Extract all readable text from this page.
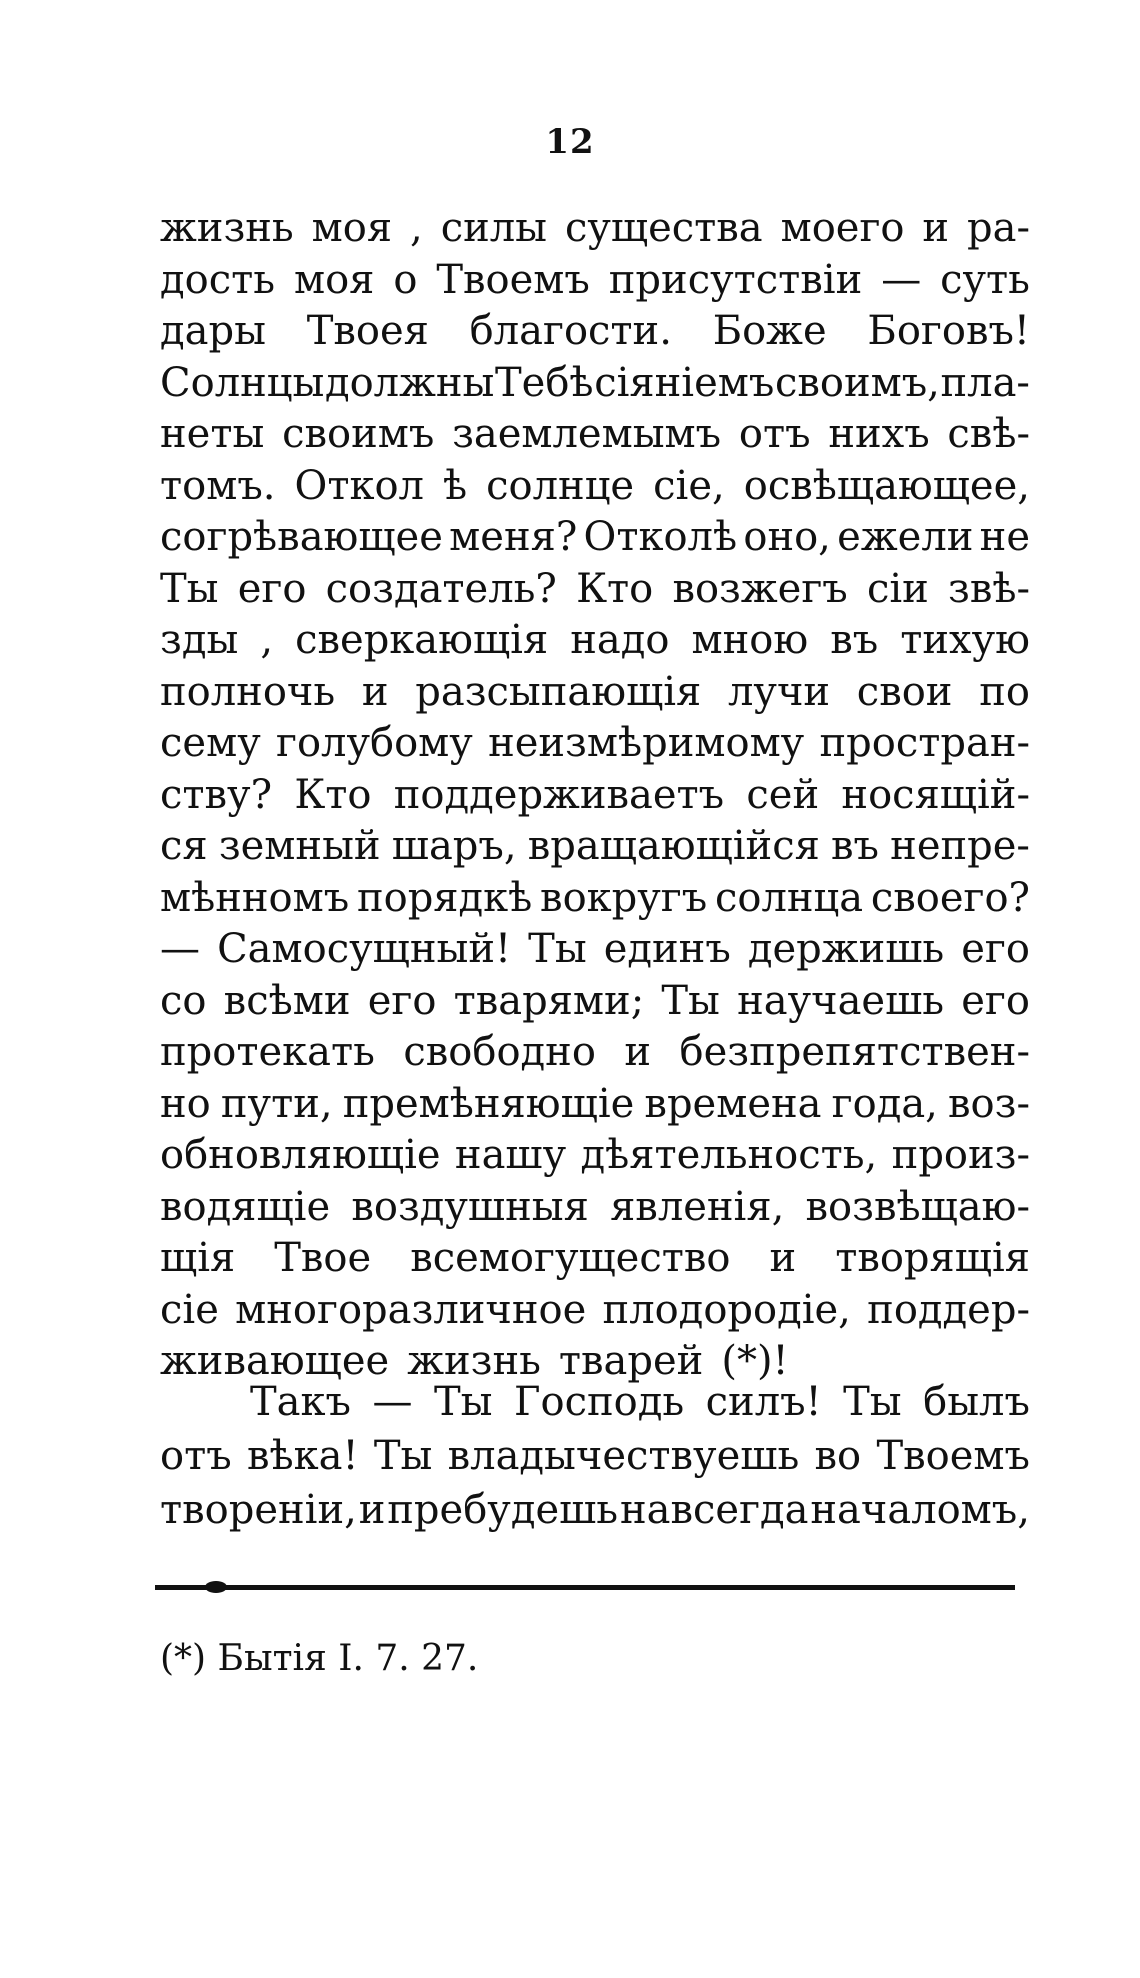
12
жизнь моя , силы существа моего и ра-
дость моя о Твоемъ присутствіи — суть
дары Твоея благости. Боже Боговъ!
Солнцы должны Тебѣ сіяніемъ своимъ, пла-
неты своимъ заемлемымъ отъ нихъ свѣ-
томъ. Откол ѣ солнце сіе, освѣщающее,
согрѣвающее меня? Отколѣ оно, ежели не
Ты его создатель? Кто возжегъ сіи звѣ-
зды , сверкающія надо мною въ тихую
полночь и разсыпающія лучи свои по
сему голубому неизмѣримому простран-
ству? Кто поддерживаетъ сей носящій-
ся земный шаръ, вращающійся въ непре-
мѣнномъ порядкѣ вокругъ солнца своего?
— Самосущный! Ты единъ держишь его
со всѣми его тварями; Ты научаешь его
протекать свободно и безпрепятствен-
но пути, премѣняющіе времена года, воз-
обновляющіе нашу дѣятельность, произ-
водящіе воздушныя явленія, возвѣщаю-
щія Твое всемогущество и творящія
сіе многоразличное плодородіе, поддер-
живающее жизнь тварей (*)!
Такъ — Ты Господь силъ! Ты былъ
отъ вѣка! Ты владычествуешь во Твоемъ
твореніи, и пребудешь навсегда началомъ,
(*) Бытія I. 7. 27.
